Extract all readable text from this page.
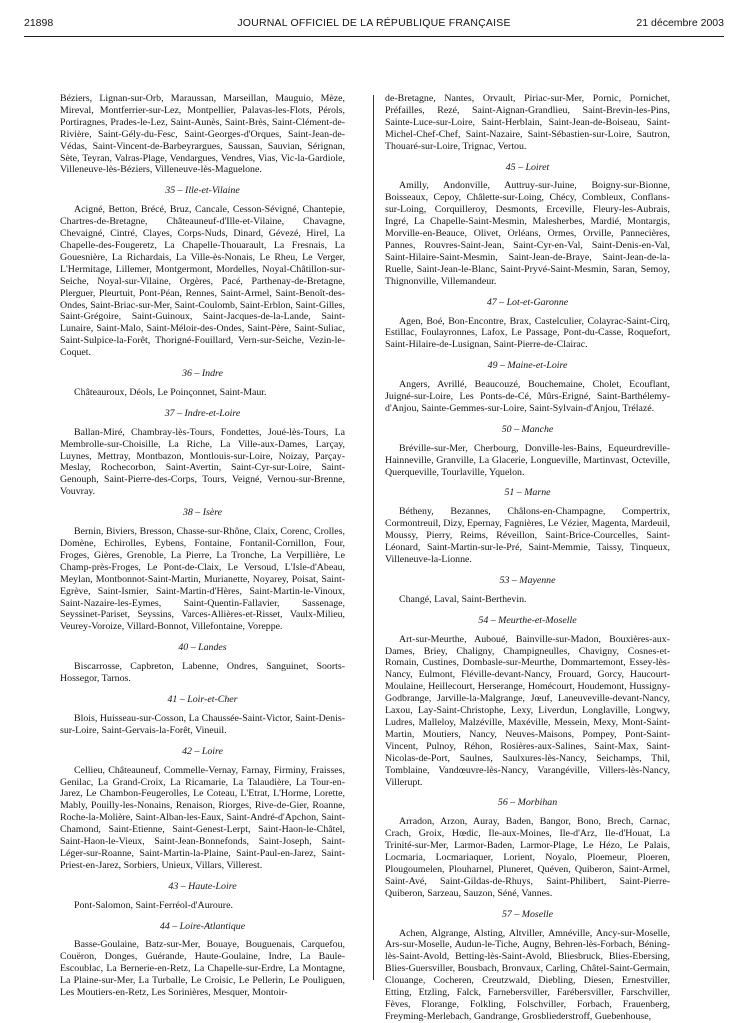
21898	JOURNAL OFFICIEL DE LA RÉPUBLIQUE FRANÇAISE	21 décembre 2003
Béziers, Lignan-sur-Orb, Maraussan, Marseillan, Mauguio, Mèze, Mireval, Montferrier-sur-Lez, Montpellier, Palavas-les-Flots, Pérols, Portiragnes, Prades-le-Lez, Saint-Aunès, Saint-Brès, Saint-Clément-de-Rivière, Saint-Gély-du-Fesc, Saint-Georges-d'Orques, Saint-Jean-de-Védas, Saint-Vincent-de-Barbeyrargues, Saussan, Sauvian, Sérignan, Sète, Teyran, Valras-Plage, Vendargues, Vendres, Vias, Vic-la-Gardiole, Villeneuve-lès-Béziers, Villeneuve-lès-Maguelone.
35 – Ille-et-Vilaine
Acigné, Betton, Brécé, Bruz, Cancale, Cesson-Sévigné, Chantepie, Chartres-de-Bretagne, Châteauneuf-d'Ille-et-Vilaine, Chavagne, Chevaigné, Cintré, Clayes, Corps-Nuds, Dinard, Gévezé, Hirel, La Chapelle-des-Fougeretz, La Chapelle-Thouarault, La Fresnais, La Gouesnière, La Richardais, La Ville-ès-Nonais, Le Rheu, Le Verger, L'Hermitage, Lillemer, Montgermont, Mordelles, Noyal-Châtillon-sur-Seiche, Noyal-sur-Vilaine, Orgères, Pacé, Parthenay-de-Bretagne, Plerguer, Pleurtuit, Pont-Péan, Rennes, Saint-Armel, Saint-Benoît-des-Ondes, Saint-Briac-sur-Mer, Saint-Coulomb, Saint-Erblon, Saint-Gilles, Saint-Grégoire, Saint-Guinoux, Saint-Jacques-de-la-Lande, Saint-Lunaire, Saint-Malo, Saint-Méloir-des-Ondes, Saint-Père, Saint-Suliac, Saint-Sulpice-la-Forêt, Thorigné-Fouillard, Vern-sur-Seiche, Vezin-le-Coquet.
36 – Indre
Châteauroux, Déols, Le Poinçonnet, Saint-Maur.
37 – Indre-et-Loire
Ballan-Miré, Chambray-lès-Tours, Fondettes, Joué-lès-Tours, La Membrolle-sur-Choisille, La Riche, La Ville-aux-Dames, Larçay, Luynes, Mettray, Montbazon, Montlouis-sur-Loire, Noizay, Parçay-Meslay, Rochecorbon, Saint-Avertin, Saint-Cyr-sur-Loire, Saint-Genouph, Saint-Pierre-des-Corps, Tours, Veigné, Vernou-sur-Brenne, Vouvray.
38 – Isère
Bernin, Biviers, Bresson, Chasse-sur-Rhône, Claix, Corenc, Crolles, Domène, Echirolles, Eybens, Fontaine, Fontanil-Cornillon, Four, Froges, Gières, Grenoble, La Pierre, La Tronche, La Verpillière, Le Champ-près-Froges, Le Pont-de-Claix, Le Versoud, L'Isle-d'Abeau, Meylan, Montbonnot-Saint-Martin, Murianette, Noyarey, Poisat, Saint-Egrève, Saint-Ismier, Saint-Martin-d'Hères, Saint-Martin-le-Vinoux, Saint-Nazaire-les-Eymes, Saint-Quentin-Fallavier, Sassenage, Seyssinet-Pariset, Seyssins, Varces-Allières-et-Risset, Vaulx-Milieu, Veurey-Voroize, Villard-Bonnot, Villefontaine, Voreppe.
40 – Landes
Biscarrosse, Capbreton, Labenne, Ondres, Sanguinet, Soorts-Hossegor, Tarnos.
41 – Loir-et-Cher
Blois, Huisseau-sur-Cosson, La Chaussée-Saint-Victor, Saint-Denis-sur-Loire, Saint-Gervais-la-Forêt, Vineuil.
42 – Loire
Cellieu, Châteauneuf, Commelle-Vernay, Farnay, Firminy, Fraisses, Genilac, La Grand-Croix, La Ricamarie, La Talaudière, La Tour-en-Jarez, Le Chambon-Feugerolles, Le Coteau, L'Etrat, L'Horme, Lorette, Mably, Pouilly-les-Nonains, Renaison, Riorges, Rive-de-Gier, Roanne, Roche-la-Molière, Saint-Alban-les-Eaux, Saint-André-d'Apchon, Saint-Chamond, Saint-Etienne, Saint-Genest-Lerpt, Saint-Haon-le-Châtel, Saint-Haon-le-Vieux, Saint-Jean-Bonnefonds, Saint-Joseph, Saint-Léger-sur-Roanne, Saint-Martin-la-Plaine, Saint-Paul-en-Jarez, Saint-Priest-en-Jarez, Sorbiers, Unieux, Villars, Villerest.
43 – Haute-Loire
Pont-Salomon, Saint-Ferréol-d'Auroure.
44 – Loire-Atlantique
Basse-Goulaine, Batz-sur-Mer, Bouaye, Bouguenais, Carquefou, Couëron, Donges, Guérande, Haute-Goulaine, Indre, La Baule-Escoublac, La Bernerie-en-Retz, La Chapelle-sur-Erdre, La Montagne, La Plaine-sur-Mer, La Turballe, Le Croisic, Le Pellerin, Le Pouliguen, Les Moutiers-en-Retz, Les Sorinières, Mesquer, Montoir-
de-Bretagne, Nantes, Orvault, Piriac-sur-Mer, Pornic, Pornichet, Préfailles, Rezé, Saint-Aignan-Grandlieu, Saint-Brevin-les-Pins, Sainte-Luce-sur-Loire, Saint-Herblain, Saint-Jean-de-Boiseau, Saint-Michel-Chef-Chef, Saint-Nazaire, Saint-Sébastien-sur-Loire, Sautron, Thouaré-sur-Loire, Trignac, Vertou.
45 – Loiret
Amilly, Andonville, Auttruy-sur-Juine, Boigny-sur-Bionne, Boisseaux, Cepoy, Châlette-sur-Loing, Chécy, Combleux, Conflans-sur-Loing, Corquilleroy, Desmonts, Erceville, Fleury-les-Aubrais, Ingré, La Chapelle-Saint-Mesmin, Malesherbes, Mardié, Montargis, Morville-en-Beauce, Olivet, Orléans, Ormes, Orville, Pannecières, Pannes, Rouvres-Saint-Jean, Saint-Cyr-en-Val, Saint-Denis-en-Val, Saint-Hilaire-Saint-Mesmin, Saint-Jean-de-Braye, Saint-Jean-de-la-Ruelle, Saint-Jean-le-Blanc, Saint-Pryvé-Saint-Mesmin, Saran, Semoy, Thignonville, Villemandeur.
47 – Lot-et-Garonne
Agen, Boé, Bon-Encontre, Brax, Castelculier, Colayrac-Saint-Cirq, Estillac, Foulayronnes, Lafox, Le Passage, Pont-du-Casse, Roquefort, Saint-Hilaire-de-Lusignan, Saint-Pierre-de-Clairac.
49 – Maine-et-Loire
Angers, Avrillé, Beaucouzé, Bouchemaine, Cholet, Ecouflant, Juigné-sur-Loire, Les Ponts-de-Cé, Mûrs-Erigné, Saint-Barthélemy-d'Anjou, Sainte-Gemmes-sur-Loire, Saint-Sylvain-d'Anjou, Trélazé.
50 – Manche
Bréville-sur-Mer, Cherbourg, Donville-les-Bains, Equeurdreville-Hainneville, Granville, La Glacerie, Longueville, Martinvast, Octeville, Querqueville, Tourlaville, Yquelon.
51 – Marne
Bétheny, Bezannes, Châlons-en-Champagne, Compertrix, Cormontreuil, Dizy, Epernay, Fagnières, Le Vézier, Magenta, Mardeuil, Moussy, Pierry, Reims, Réveillon, Saint-Brice-Courcelles, Saint-Léonard, Saint-Martin-sur-le-Pré, Saint-Memmie, Taissy, Tinqueux, Villeneuve-la-Lionne.
53 – Mayenne
Changé, Laval, Saint-Berthevin.
54 – Meurthe-et-Moselle
Art-sur-Meurthe, Auboué, Bainville-sur-Madon, Bouxières-aux-Dames, Briey, Chaligny, Champigneulles, Chavigny, Cosnes-et-Romain, Custines, Dombasle-sur-Meurthe, Dommartemont, Essey-lès-Nancy, Eulmont, Fléville-devant-Nancy, Frouard, Gorcy, Haucourt-Moulaine, Heillecourt, Herserange, Homécourt, Houdemont, Hussigny-Godbrange, Jarville-la-Malgrange, Jœuf, Laneuveville-devant-Nancy, Laxou, Lay-Saint-Christophe, Lexy, Liverdun, Longlaville, Longwy, Ludres, Malleloy, Malzéville, Maxéville, Messein, Mexy, Mont-Saint-Martin, Moutiers, Nancy, Neuves-Maisons, Pompey, Pont-Saint-Vincent, Pulnoy, Réhon, Rosières-aux-Salines, Saint-Max, Saint-Nicolas-de-Port, Saulnes, Saulxures-lès-Nancy, Seichamps, Thil, Tomblaine, Vandœuvre-lès-Nancy, Varangéville, Villers-lès-Nancy, Villerupt.
56 – Morbihan
Arradon, Arzon, Auray, Baden, Bangor, Bono, Brech, Carnac, Crach, Groix, Hœdic, Ile-aux-Moines, Ile-d'Arz, Ile-d'Houat, La Trinité-sur-Mer, Larmor-Baden, Larmor-Plage, Le Hézo, Le Palais, Locmaria, Locmariaquer, Lorient, Noyalo, Ploemeur, Ploeren, Plougoumelen, Plouharnel, Pluneret, Quéven, Quiberon, Saint-Armel, Saint-Avé, Saint-Gildas-de-Rhuys, Saint-Philibert, Saint-Pierre-Quiberon, Sarzeau, Sauzon, Séné, Vannes.
57 – Moselle
Achen, Algrange, Alsting, Altviller, Amnéville, Ancy-sur-Moselle, Ars-sur-Moselle, Audun-le-Tiche, Augny, Behren-lès-Forbach, Béning-lès-Saint-Avold, Betting-lès-Saint-Avold, Bliesbruck, Blies-Ebersing, Blies-Guersviller, Bousbach, Bronvaux, Carling, Châtel-Saint-Germain, Clouange, Cocheren, Creutzwald, Diebling, Diesen, Ernestviller, Etting, Etzling, Falck, Farnebersviller, Farébersviller, Farschviller, Fèves, Florange, Folkling, Folschviller, Forbach, Frauenberg, Freyming-Merlebach, Gandrange, Grosbliederstroff, Guebenhouse,
